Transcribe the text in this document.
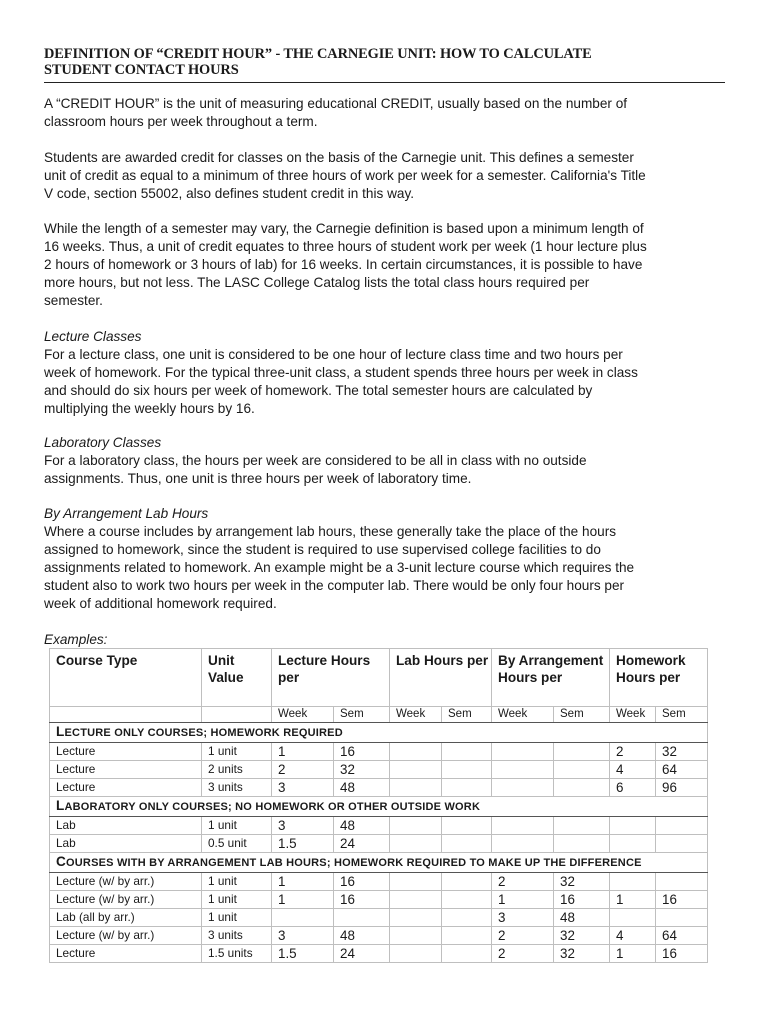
DEFINITION OF “CREDIT HOUR” - THE CARNEGIE UNIT: HOW TO CALCULATE
STUDENT CONTACT HOURS
A “CREDIT HOUR” is the unit of measuring educational CREDIT, usually based on the number of
classroom hours per week throughout a term.
Students are awarded credit for classes on the basis of the Carnegie unit. This defines a semester
unit of credit as equal to a minimum of three hours of work per week for a semester. California's Title
V code, section 55002, also defines student credit in this way.
While the length of a semester may vary, the Carnegie definition is based upon a minimum length of
16 weeks. Thus, a unit of credit equates to three hours of student work per week (1 hour lecture plus
2 hours of homework or 3 hours of lab) for 16 weeks. In certain circumstances, it is possible to have
more hours, but not less. The LASC College Catalog lists the total class hours required per
semester.
Lecture Classes
For a lecture class, one unit is considered to be one hour of lecture class time and two hours per
week of homework. For the typical three-unit class, a student spends three hours per week in class
and should do six hours per week of homework. The total semester hours are calculated by
multiplying the weekly hours by 16.
Laboratory Classes
For a laboratory class, the hours per week are considered to be all in class with no outside
assignments. Thus, one unit is three hours per week of laboratory time.
By Arrangement Lab Hours
Where a course includes by arrangement lab hours, these generally take the place of the hours
assigned to homework, since the student is required to use supervised college facilities to do
assignments related to homework. An example might be a 3-unit lecture course which requires the
student also to work two hours per week in the computer lab. There would be only four hours per
week of additional homework required.
Examples:
Course Type	Unit Value	Lecture Hours per		Lab Hours per		By Arrangement Hours per		Homework Hours per	
		Week	Sem	Week	Sem	Week	Sem	Week	Sem
LECTURE ONLY COURSES; HOMEWORK REQUIRED									
Lecture	1 unit	1	16					2	32
Lecture	2 units	2	32					4	64
Lecture	3 units	3	48					6	96
LABORATORY ONLY COURSES; NO HOMEWORK OR OTHER OUTSIDE WORK									
Lab	1 unit	3	48						
Lab	0.5 unit	1.5	24						
COURSES WITH BY ARRANGEMENT LAB HOURS; HOMEWORK REQUIRED TO MAKE UP THE DIFFERENCE									
Lecture (w/ by arr.)	1 unit	1	16			2	32		
Lecture (w/ by arr.)	1 unit	1	16			1	16	1	16
Lab (all by arr.)	1 unit					3	48		
Lecture (w/ by arr.)	3 units	3	48			2	32	4	64
Lecture	1.5 units	1.5	24			2	32	1	16
